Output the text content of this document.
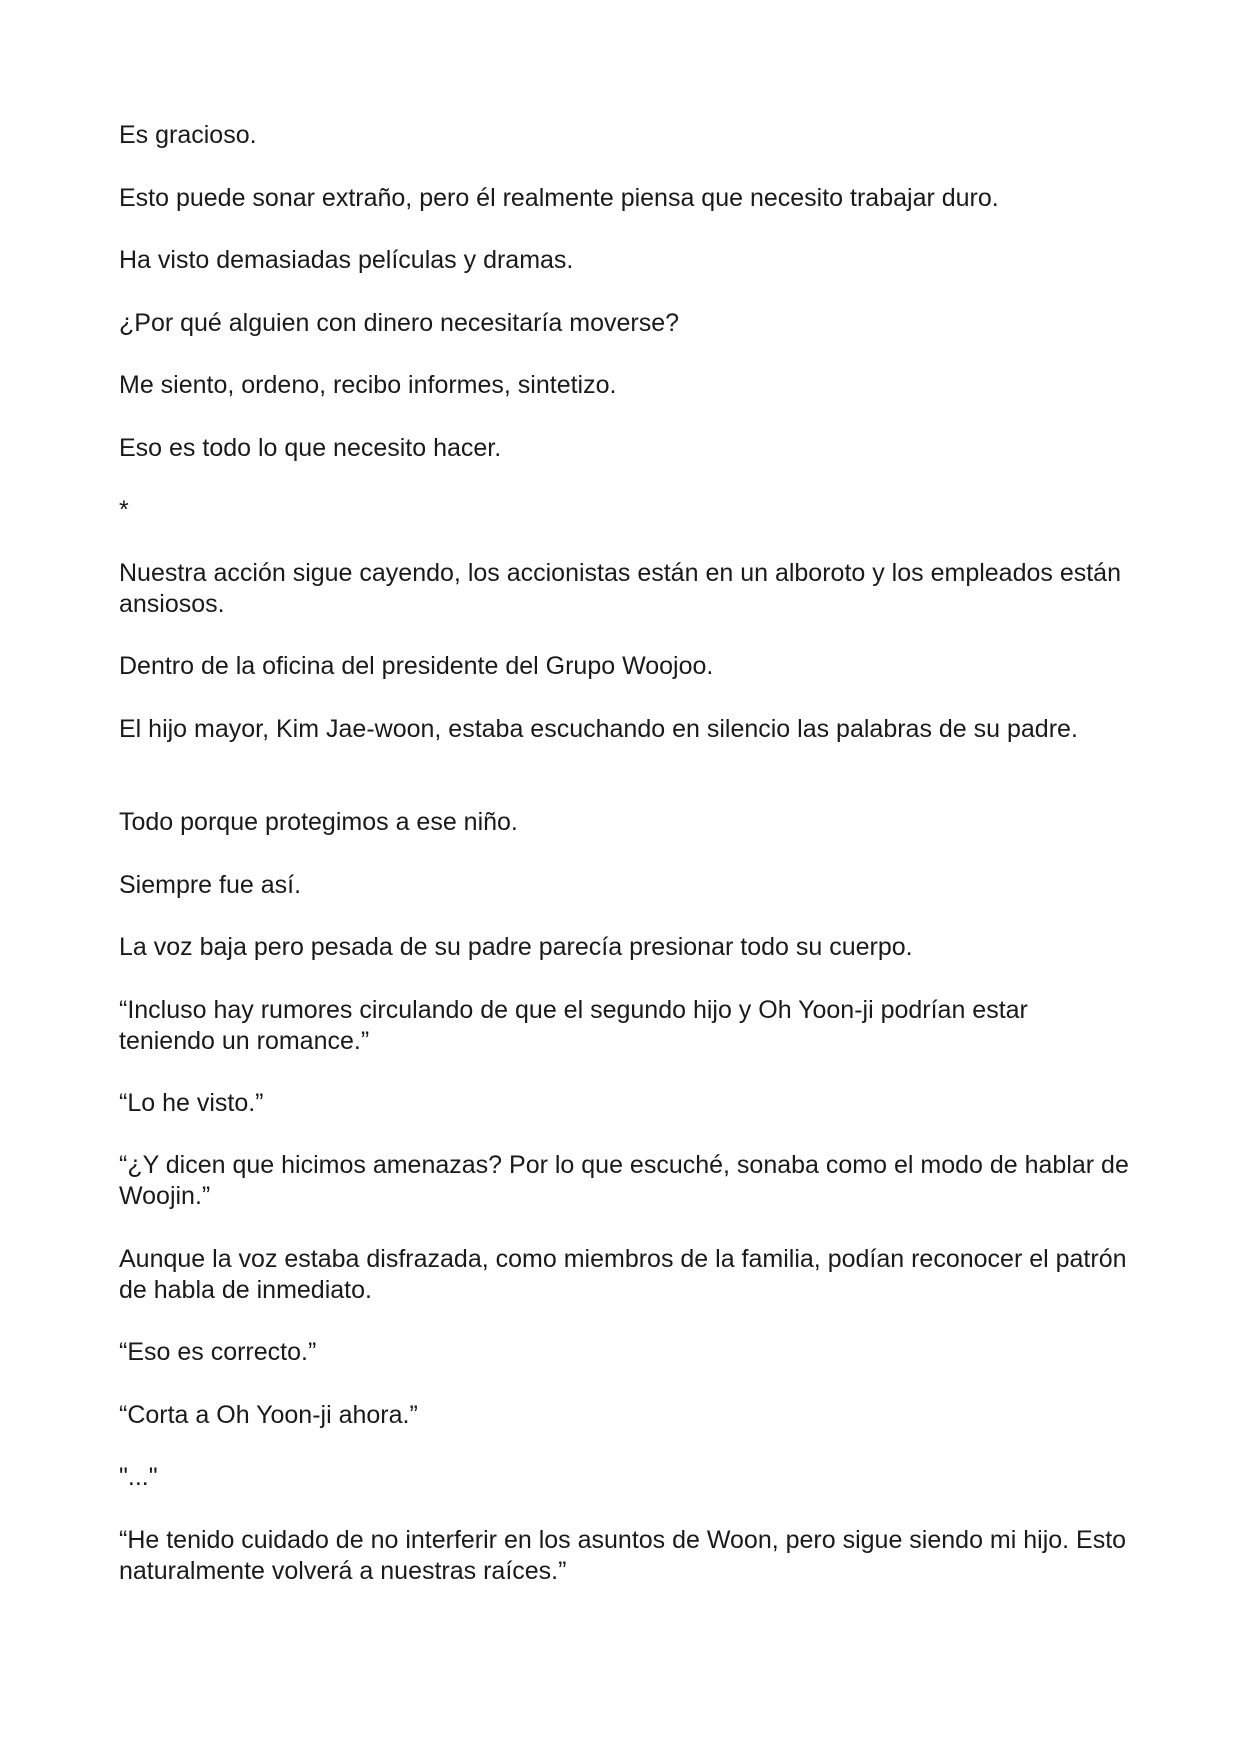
Es gracioso.

Esto puede sonar extraño, pero él realmente piensa que necesito trabajar duro.

Ha visto demasiadas películas y dramas.

¿Por qué alguien con dinero necesitaría moverse?

Me siento, ordeno, recibo informes, sintetizo.

Eso es todo lo que necesito hacer.

*

Nuestra acción sigue cayendo, los accionistas están en un alboroto y los empleados están ansiosos.

Dentro de la oficina del presidente del Grupo Woojoo.

El hijo mayor, Kim Jae-woon, estaba escuchando en silencio las palabras de su padre.

Todo porque protegimos a ese niño.

Siempre fue así.

La voz baja pero pesada de su padre parecía presionar todo su cuerpo.

“Incluso hay rumores circulando de que el segundo hijo y Oh Yoon-ji podrían estar teniendo un romance.”

“Lo he visto.”

“¿Y dicen que hicimos amenazas? Por lo que escuché, sonaba como el modo de hablar de Woojin.”

Aunque la voz estaba disfrazada, como miembros de la familia, podían reconocer el patrón de habla de inmediato.

“Eso es correcto.”

“Corta a Oh Yoon-ji ahora.”

"..."

“He tenido cuidado de no interferir en los asuntos de Woon, pero sigue siendo mi hijo. Esto naturalmente volverá a nuestras raíces.”
